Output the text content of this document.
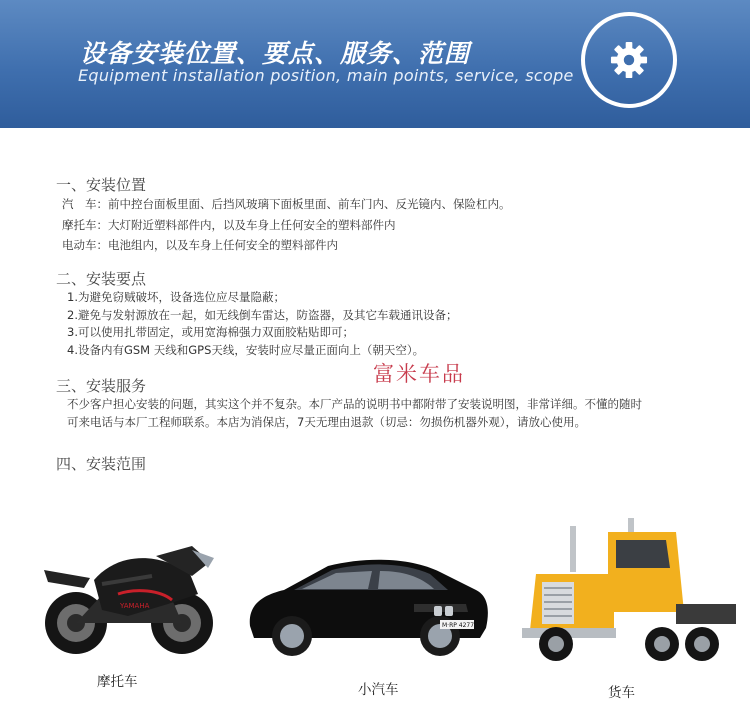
设备安装位置、要点、服务、范围
Equipment installation position, main points, service, scope
一、安装位置
汽　车：前中控台面板里面、后挡风玻璃下面板里面、前车门内、反光镜内、保险杠内。
摩托车：大灯附近塑料部件内，以及车身上任何安全的塑料部件内
电动车：电池组内，以及车身上任何安全的塑料部件内
二、安装要点
1.为避免窃贼破坏，设备选位应尽量隐蔽；
2.避免与发射源放在一起，如无线倒车雷达，防盗器，及其它车载通讯设备；
3.可以使用扎带固定，或用宽海棉强力双面胶粘贴即可；
4.设备内有GSM 天线和GPS天线，安装时应尽量正面向上（朝天空）。
富米车品
三、安装服务
不少客户担心安装的问题，其实这个并不复杂。本厂产品的说明书中都附带了安装说明图，非常详细。不懂的随时
可来电话与本厂工程师联系。本店为消保店，7天无理由退款（切忌：勿损伤机器外观），请放心使用。
四、安装范围
YAMAHA
摩托车
M·RP 4277
小汽车	货车
